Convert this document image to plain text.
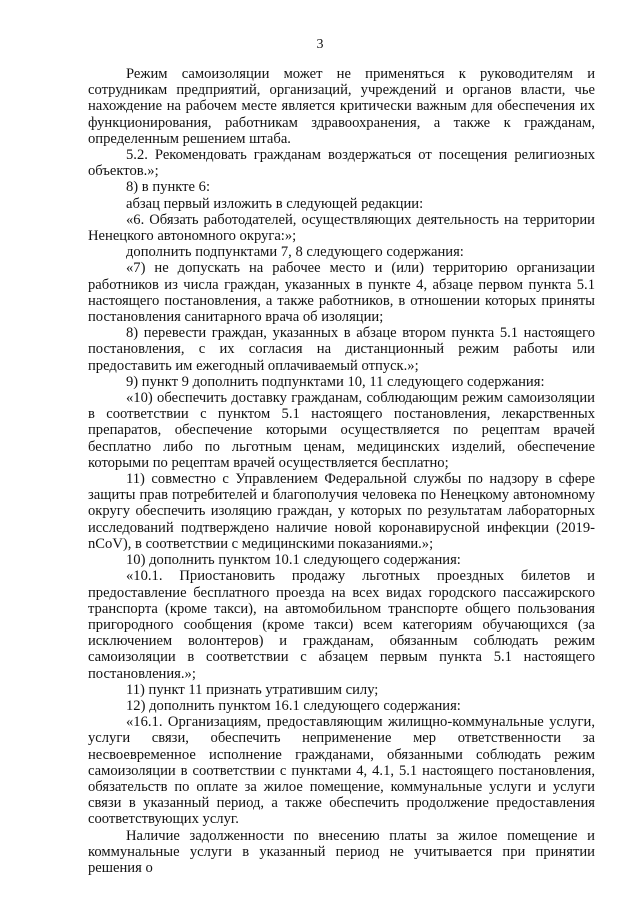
3

Режим самоизоляции может не применяться к руководителям и сотрудникам предприятий, организаций, учреждений и органов власти, чье нахождение на рабочем месте является критически важным для обеспечения их функционирования, работникам здравоохранения, а также к гражданам, определенным решением штаба.

5.2. Рекомендовать гражданам воздержаться от посещения религиозных объектов.»;

8) в пункте 6:

абзац первый изложить в следующей редакции:

«6. Обязать работодателей, осуществляющих деятельность на территории Ненецкого автономного округа:»;

дополнить подпунктами 7, 8 следующего содержания:

«7) не допускать на рабочее место и (или) территорию организации работников из числа граждан, указанных в пункте 4, абзаце первом пункта 5.1 настоящего постановления, а также работников, в отношении которых приняты постановления санитарного врача об изоляции;

8) перевести граждан, указанных в абзаце втором пункта 5.1 настоящего постановления, с их согласия на дистанционный режим работы или предоставить им ежегодный оплачиваемый отпуск.»;

9) пункт 9 дополнить подпунктами 10, 11 следующего содержания:

«10) обеспечить доставку гражданам, соблюдающим режим самоизоляции в соответствии с пунктом 5.1 настоящего постановления, лекарственных препаратов, обеспечение которыми осуществляется по рецептам врачей бесплатно либо по льготным ценам, медицинских изделий, обеспечение которыми по рецептам врачей осуществляется бесплатно;

11) совместно с Управлением Федеральной службы по надзору в сфере защиты прав потребителей и благополучия человека по Ненецкому автономному округу обеспечить изоляцию граждан, у которых по результатам лабораторных исследований подтверждено наличие новой коронавирусной инфекции (2019-nCoV), в соответствии с медицинскими показаниями.»;

10) дополнить пунктом 10.1 следующего содержания:

«10.1. Приостановить продажу льготных проездных билетов и предоставление бесплатного проезда на всех видах городского пассажирского транспорта (кроме такси), на автомобильном транспорте общего пользования пригородного сообщения (кроме такси) всем категориям обучающихся (за исключением волонтеров) и гражданам, обязанным соблюдать режим самоизоляции в соответствии с абзацем первым пункта 5.1 настоящего постановления.»;

11) пункт 11 признать утратившим силу;

12) дополнить пунктом 16.1 следующего содержания:

«16.1. Организациям, предоставляющим жилищно-коммунальные услуги, услуги связи, обеспечить неприменение мер ответственности за несвоевременное исполнение гражданами, обязанными соблюдать режим самоизоляции в соответствии с пунктами 4, 4.1, 5.1 настоящего постановления, обязательств по оплате за жилое помещение, коммунальные услуги и услуги связи в указанный период, а также обеспечить продолжение предоставления соответствующих услуг.

Наличие задолженности по внесению платы за жилое помещение и коммунальные услуги в указанный период не учитывается при принятии решения о
